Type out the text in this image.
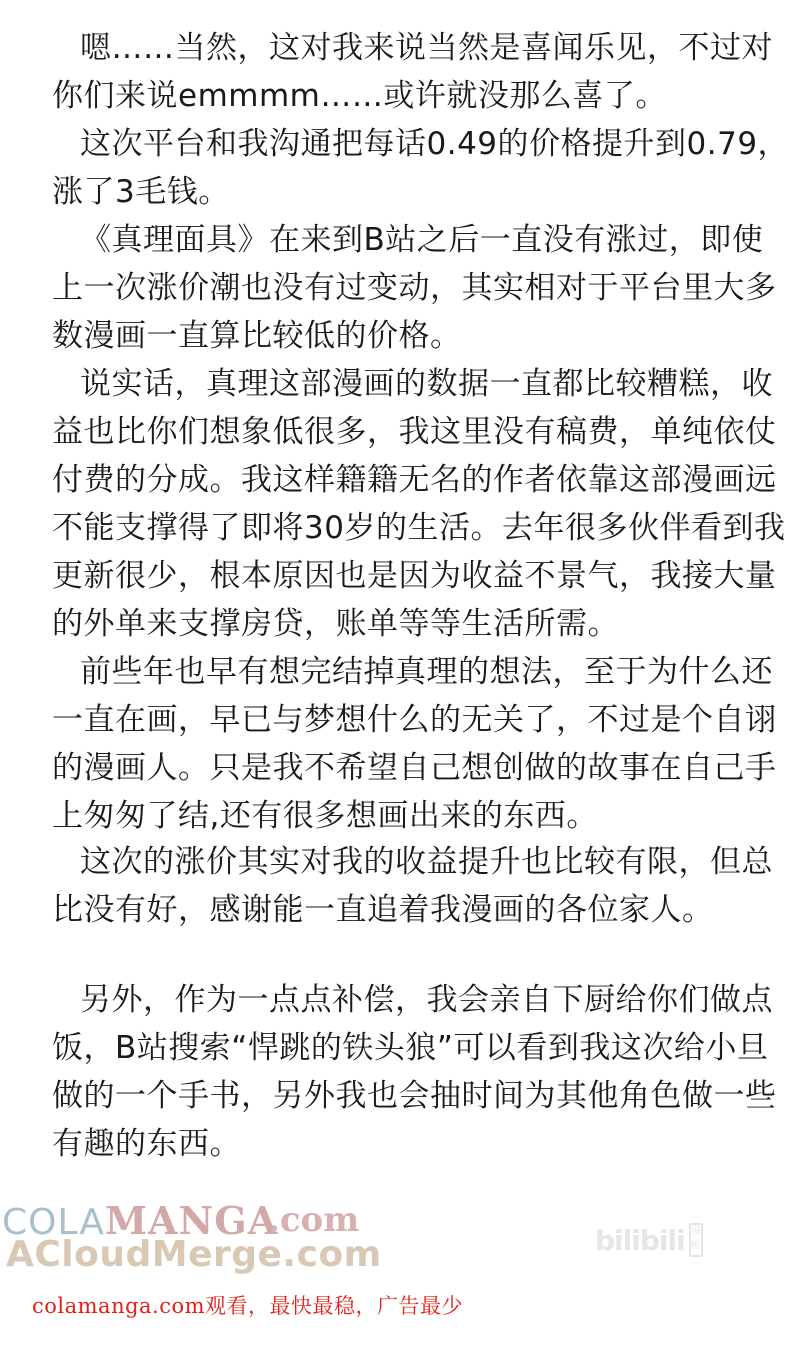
嗯……当然，这对我来说当然是喜闻乐见，不过对
你们来说emmmm……或许就没那么喜了。
这次平台和我沟通把每话0.49的价格提升到0.79，
涨了3毛钱。
《真理面具》在来到B站之后一直没有涨过，即使
上一次涨价潮也没有过变动，其实相对于平台里大多
数漫画一直算比较低的价格。
说实话，真理这部漫画的数据一直都比较糟糕，收
益也比你们想象低很多，我这里没有稿费，单纯依仗
付费的分成。我这样籍籍无名的作者依靠这部漫画远
不能支撑得了即将30岁的生活。去年很多伙伴看到我
更新很少，根本原因也是因为收益不景气，我接大量
的外单来支撑房贷，账单等等生活所需。
前些年也早有想完结掉真理的想法，至于为什么还
一直在画，早已与梦想什么的无关了，不过是个自诩
的漫画人。只是我不希望自己想创做的故事在自己手
上匆匆了结,还有很多想画出来的东西。
这次的涨价其实对我的收益提升也比较有限，但总
比没有好，感谢能一直追着我漫画的各位家人。
另外，作为一点点补偿，我会亲自下厨给你们做点
饭，B站搜索“悍跳的铁头狼”可以看到我这次给小旦
做的一个手书，另外我也会抽时间为其他角色做一些
有趣的东西。
COLAMANGA
.com
ACloudMerge.com	bilibili 漫画
colamanga.com观看，最快最稳，广告最少
